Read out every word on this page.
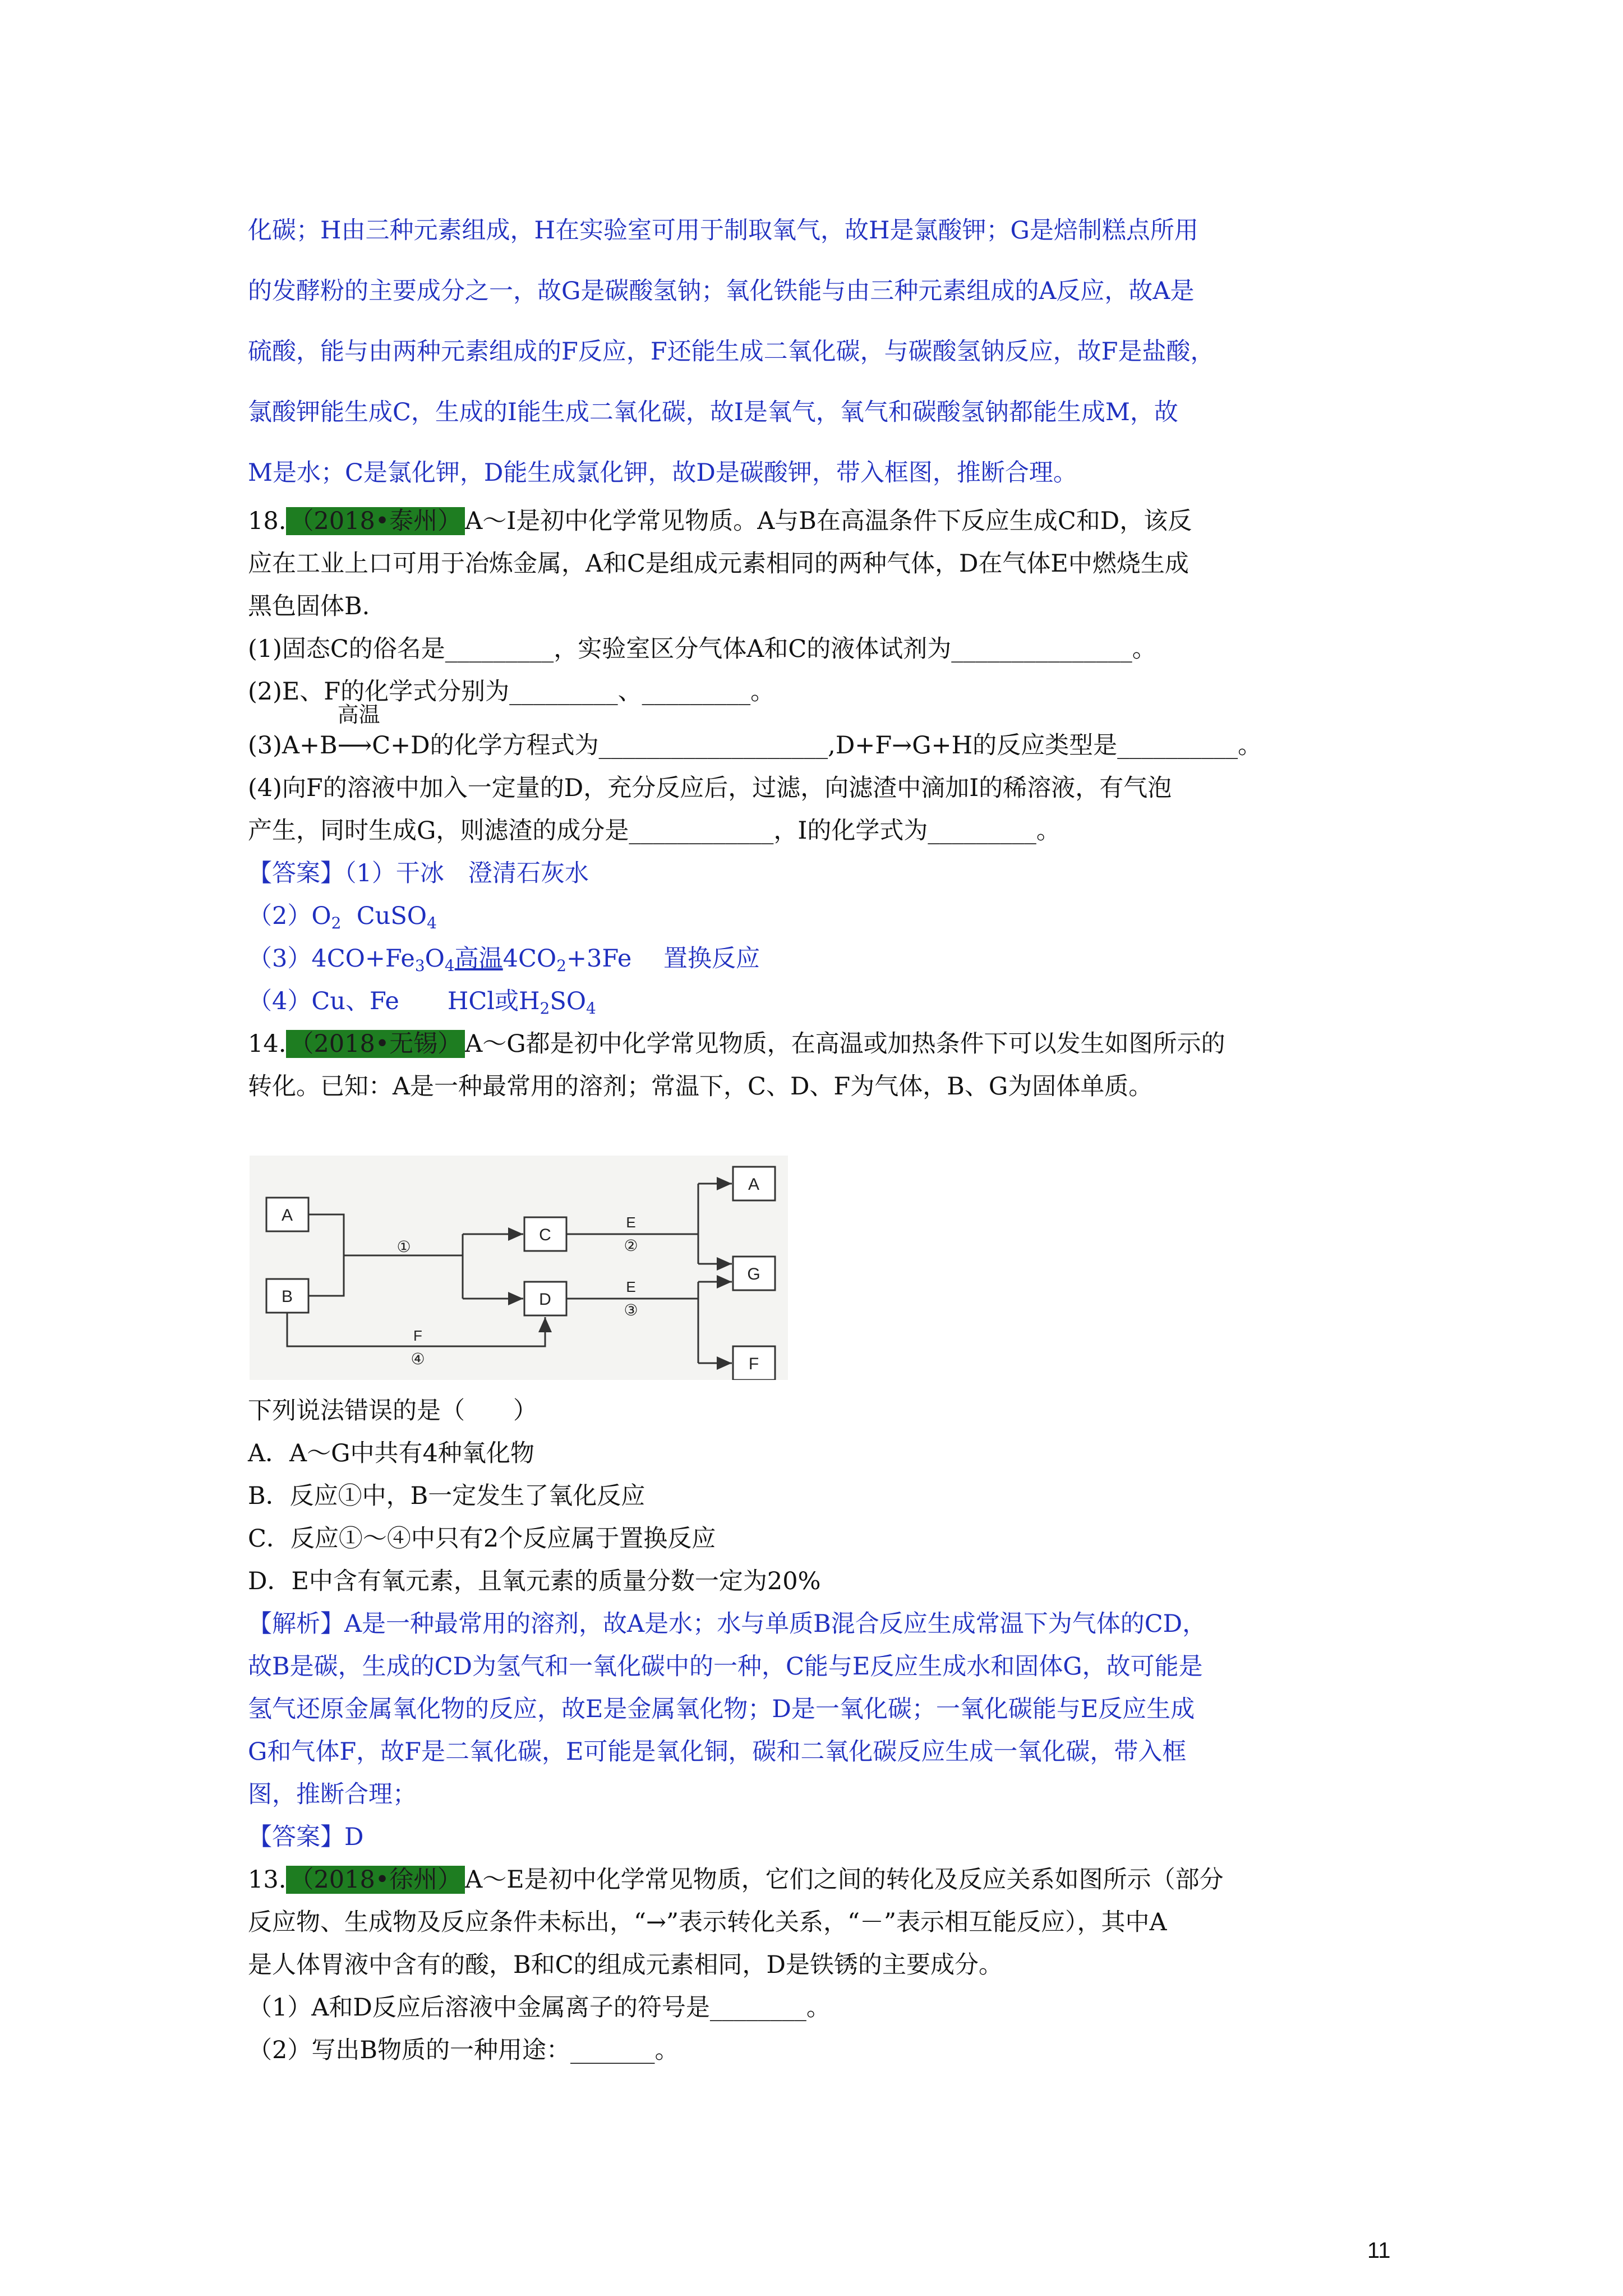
化碳；H由三种元素组成，H在实验室可用于制取氧气，故H是氯酸钾；G是焙制糕点所用
的发酵粉的主要成分之一，故G是碳酸氢钠；氧化铁能与由三种元素组成的A反应，故A是
硫酸，能与由两种元素组成的F反应，F还能生成二氧化碳，与碳酸氢钠反应，故F是盐酸，
氯酸钾能生成C，生成的I能生成二氧化碳，故I是氧气，氧气和碳酸氢钠都能生成M，故
M是水；C是氯化钾，D能生成氯化钾，故D是碳酸钾，带入框图，推断合理。
18. （2018•泰州） A～I是初中化学常见物质。A与B在高温条件下反应生成C和D，该反
应在工业上口可用于冶炼金属，A和C是组成元素相同的两种气体，D在气体E中燃烧生成
黑色固体B.
(1)固态C的俗名是_________，实验室区分气体A和C的液体试剂为_______________。
(2)E、F的化学式分别为_________、_________。
(3)A+B
高温
⟶C+D的化学方程式为___________________,D+F→G+H的反应类型是__________。
(4)向F的溶液中加入一定量的D，充分反应后，过滤，向滤渣中滴加I的稀溶液，有气泡
产生，同时生成G，则滤渣的成分是____________，I的化学式为_________。
【答案】（1）干冰　澄清石灰水
$(2)O_2$  CuSO$_4$
$(3)4CO+Fe_3O_4$高温$4CO_2+3Fe$　 置换反应
（4）Cu、Fe　　HCl或$H_2SO_4$
14. （2018•无锡） A～G都是初中化学常见物质，在高温或加热条件下可以发生如图所示的
转化。已知：A是一种最常用的溶剂；常温下，C、D、F为气体，B、G为固体单质。
A
B
C
D
A
G
F
①
F
④
E
②
E
③
下列说法错误的是（　　）
A．A～G中共有4种氧化物
B．反应①中，B一定发生了氧化反应
C．反应①～④中只有2个反应属于置换反应
D．E中含有氧元素，且氧元素的质量分数一定为20%
【解析】A是一种最常用的溶剂，故A是水；水与单质B混合反应生成常温下为气体的CD，
故B是碳，生成的CD为氢气和一氧化碳中的一种，C能与E反应生成水和固体G，故可能是
氢气还原金属氧化物的反应，故E是金属氧化物；D是一氧化碳；一氧化碳能与E反应生成
G和气体F，故F是二氧化碳，E可能是氧化铜，碳和二氧化碳反应生成一氧化碳，带入框
图，推断合理；
【答案】D
13. （2018•徐州） A～E是初中化学常见物质，它们之间的转化及反应关系如图所示（部分
反应物、生成物及反应条件未标出，“→”表示转化关系，“－”表示相互能反应），其中A
是人体胃液中含有的酸，B和C的组成元素相同，D是铁锈的主要成分。
（1）A和D反应后溶液中金属离子的符号是________。
（2）写出B物质的一种用途：_______。
11
